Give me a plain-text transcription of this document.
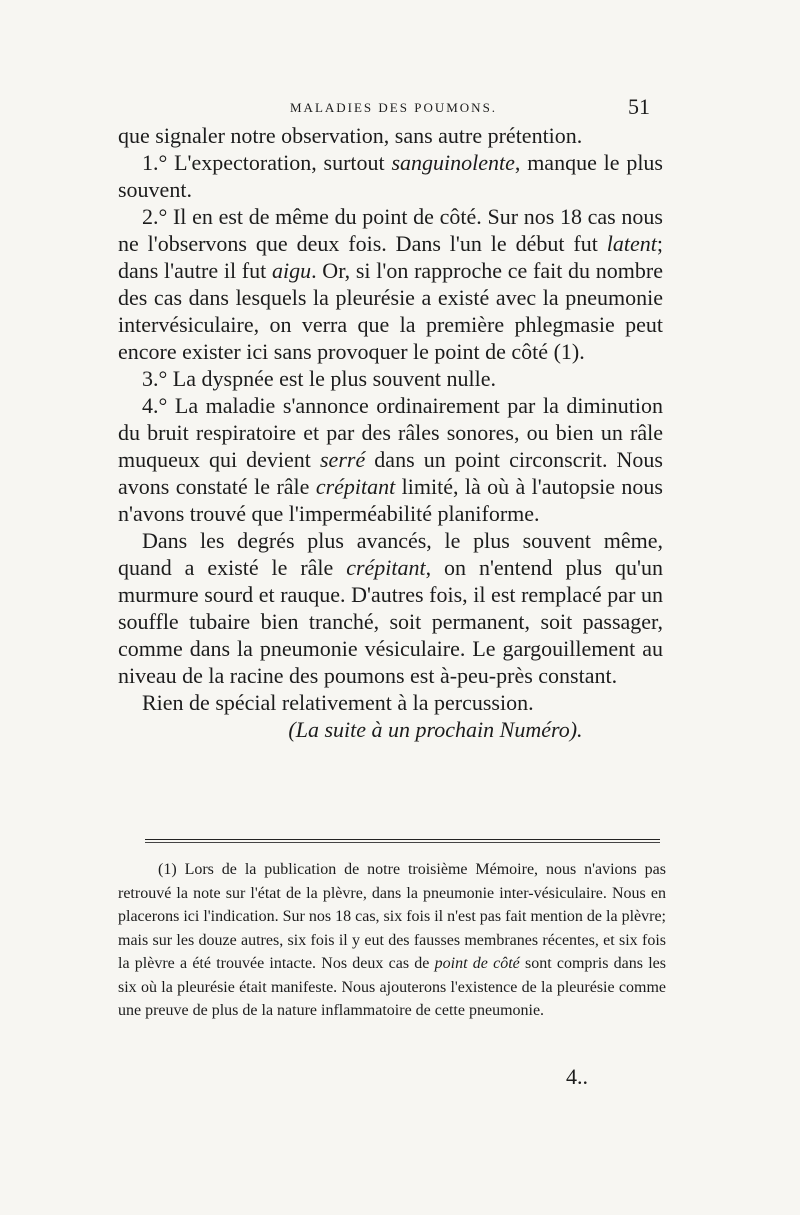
MALADIES DES POUMONS.	51

que signaler notre observation, sans autre prétention.

1.° L'expectoration, surtout sanguinolente, manque le plus souvent.

2.° Il en est de même du point de côté. Sur nos 18 cas nous ne l'observons que deux fois. Dans l'un le début fut latent; dans l'autre il fut aigu. Or, si l'on rapproche ce fait du nombre des cas dans lesquels la pleurésie a existé avec la pneumonie intervésiculaire, on verra que la première phlegmasie peut encore exister ici sans provoquer le point de côté (1).

3.° La dyspnée est le plus souvent nulle.

4.° La maladie s'annonce ordinairement par la diminution du bruit respiratoire et par des râles sonores, ou bien un râle muqueux qui devient serré dans un point circonscrit. Nous avons constaté le râle crépitant limité, là où à l'autopsie nous n'avons trouvé que l'imperméabilité planiforme.

Dans les degrés plus avancés, le plus souvent même, quand a existé le râle crépitant, on n'entend plus qu'un murmure sourd et rauque. D'autres fois, il est remplacé par un souffle tubaire bien tranché, soit permanent, soit passager, comme dans la pneumonie vésiculaire. Le gargouillement au niveau de la racine des poumons est à-peu-près constant.

Rien de spécial relativement à la percussion.

(La suite à un prochain Numéro).

(1) Lors de la publication de notre troisième Mémoire, nous n'avions pas retrouvé la note sur l'état de la plèvre, dans la pneumonie inter-vésiculaire. Nous en placerons ici l'indication. Sur nos 18 cas, six fois il n'est pas fait mention de la plèvre; mais sur les douze autres, six fois il y eut des fausses membranes récentes, et six fois la plèvre a été trouvée intacte. Nos deux cas de point de côté sont compris dans les six où la pleurésie était manifeste. Nous ajouterons l'existence de la pleurésie comme une preuve de plus de la nature inflammatoire de cette pneumonie.

4..
